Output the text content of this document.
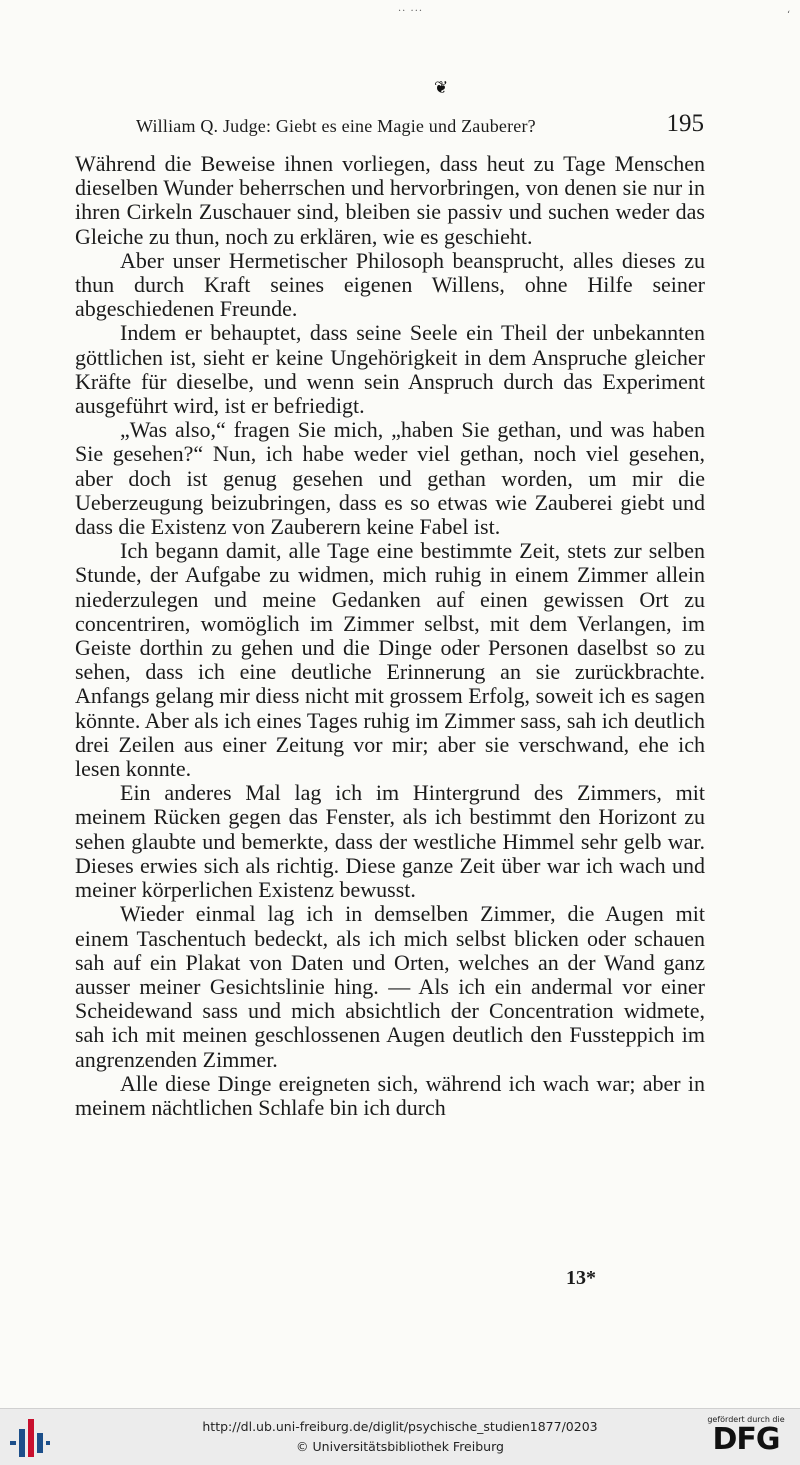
·· ···	‘
❦
William Q. Judge: Giebt es eine Magie und Zauberer?	195

Während die Beweise ihnen vorliegen, dass heut zu Tage Menschen dieselben Wunder beherrschen und hervorbringen, von denen sie nur in ihren Cirkeln Zuschauer sind, bleiben sie passiv und suchen weder das Gleiche zu thun, noch zu erklären, wie es geschieht.

Aber unser Hermetischer Philosoph beansprucht, alles dieses zu thun durch Kraft seines eigenen Willens, ohne Hilfe seiner abgeschiedenen Freunde.

Indem er behauptet, dass seine Seele ein Theil der unbekannten göttlichen ist, sieht er keine Ungehörigkeit in dem Anspruche gleicher Kräfte für dieselbe, und wenn sein Anspruch durch das Experiment ausgeführt wird, ist er befriedigt.

„Was also,“ fragen Sie mich, „haben Sie gethan, und was haben Sie gesehen?“ Nun, ich habe weder viel gethan, noch viel gesehen, aber doch ist genug gesehen und gethan worden, um mir die Ueberzeugung beizubringen, dass es so etwas wie Zauberei giebt und dass die Existenz von Zauberern keine Fabel ist.

Ich begann damit, alle Tage eine bestimmte Zeit, stets zur selben Stunde, der Aufgabe zu widmen, mich ruhig in einem Zimmer allein niederzulegen und meine Gedanken auf einen gewissen Ort zu concentriren, womöglich im Zimmer selbst, mit dem Verlangen, im Geiste dorthin zu gehen und die Dinge oder Personen daselbst so zu sehen, dass ich eine deutliche Erinnerung an sie zurückbrachte. Anfangs gelang mir diess nicht mit grossem Erfolg, soweit ich es sagen könnte. Aber als ich eines Tages ruhig im Zimmer sass, sah ich deutlich drei Zeilen aus einer Zeitung vor mir; aber sie verschwand, ehe ich lesen konnte.

Ein anderes Mal lag ich im Hintergrund des Zimmers, mit meinem Rücken gegen das Fenster, als ich bestimmt den Horizont zu sehen glaubte und bemerkte, dass der westliche Himmel sehr gelb war. Dieses erwies sich als richtig. Diese ganze Zeit über war ich wach und meiner körperlichen Existenz bewusst.

Wieder einmal lag ich in demselben Zimmer, die Augen mit einem Taschentuch bedeckt, als ich mich selbst blicken oder schauen sah auf ein Plakat von Daten und Orten, welches an der Wand ganz ausser meiner Gesichtslinie hing. — Als ich ein andermal vor einer Scheidewand sass und mich absichtlich der Concentration widmete, sah ich mit meinen geschlossenen Augen deutlich den Fussteppich im angrenzenden Zimmer.

Alle diese Dinge ereigneten sich, während ich wach war; aber in meinem nächtlichen Schlafe bin ich durch

13*
http://dl.ub.uni-freiburg.de/diglit/psychische_studien1877/0203
© Universitätsbibliothek Freiburg
gefördert durch die
DFG
